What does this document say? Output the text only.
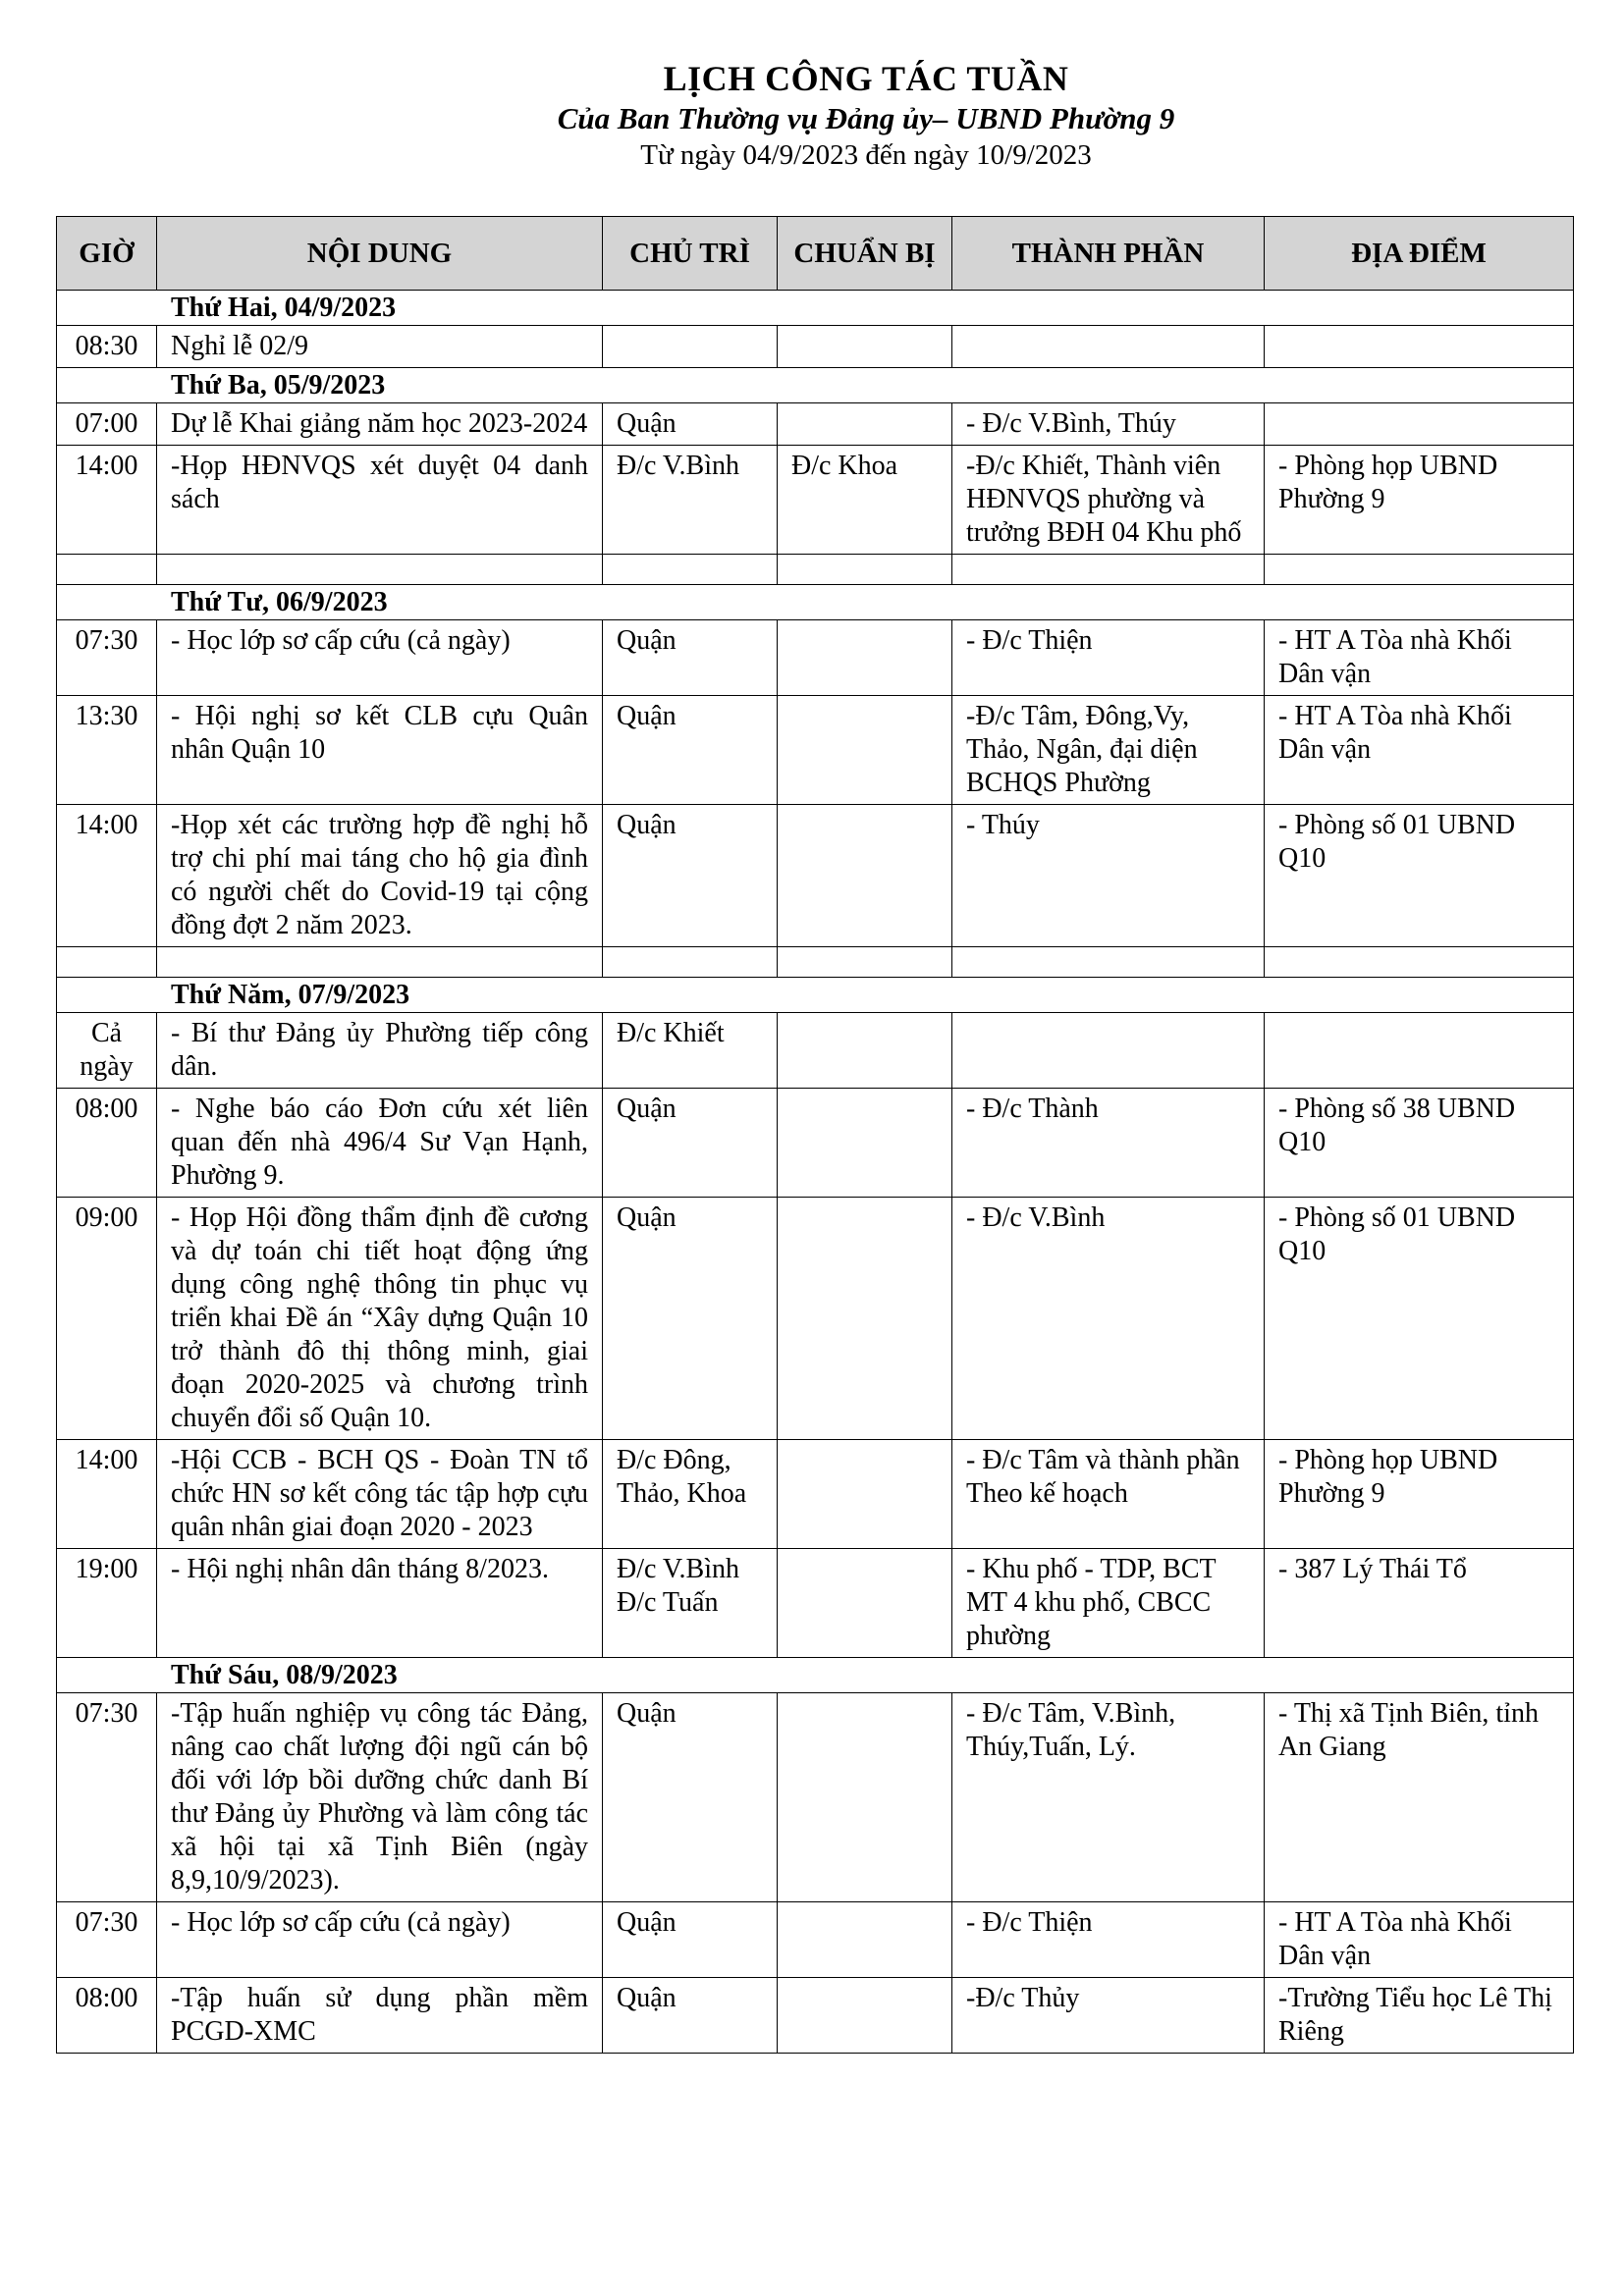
LỊCH CÔNG TÁC TUẦN
Của Ban Thường vụ Đảng ủy– UBND Phường 9
Từ ngày 04/9/2023 đến ngày 10/9/2023
GIỜ	NỘI DUNG	CHỦ TRÌ	CHUẨN BỊ	THÀNH PHẦN	ĐỊA ĐIỂM
Thứ Hai, 04/9/2023					
08:30	Nghỉ lễ 02/9				
Thứ Ba, 05/9/2023					
07:00	Dự lễ Khai giảng năm học 2023-2024	Quận		- Đ/c V.Bình, Thúy	
14:00	-Họp HĐNVQS xét duyệt 04 danh sách	Đ/c V.Bình	Đ/c Khoa	-Đ/c Khiết, Thành viên HĐNVQS phường và trưởng BĐH 04 Khu phố	- Phòng họp UBND Phường 9

Thứ Tư, 06/9/2023					
07:30	- Học lớp sơ cấp cứu (cả ngày)	Quận		- Đ/c Thiện	- HT A Tòa nhà Khối Dân vận
13:30	- Hội nghị sơ kết CLB cựu Quân nhân Quận 10	Quận		-Đ/c Tâm, Đông,Vy, Thảo, Ngân, đại diện BCHQS Phường	- HT A Tòa nhà Khối Dân vận
14:00	-Họp xét các trường hợp đề nghị hỗ trợ chi phí mai táng cho hộ gia đình có người chết do Covid-19 tại cộng đồng đợt 2 năm 2023.	Quận		- Thúy	- Phòng số 01 UBND Q10

Thứ Năm, 07/9/2023					
Cả ngày	- Bí thư Đảng ủy Phường tiếp công dân.	Đ/c Khiết			
08:00	- Nghe báo cáo Đơn cứu xét liên quan đến nhà 496/4 Sư Vạn Hạnh, Phường 9.	Quận		- Đ/c Thành	- Phòng số 38 UBND Q10
09:00	- Họp Hội đồng thẩm định đề cương và dự toán chi tiết hoạt động ứng dụng công nghệ thông tin phục vụ triển khai Đề án “Xây dựng Quận 10 trở thành đô thị thông minh, giai đoạn 2020-2025 và chương trình chuyển đổi số Quận 10.	Quận		- Đ/c V.Bình	- Phòng số 01 UBND Q10
14:00	-Hội CCB - BCH QS - Đoàn TN tổ chức HN sơ kết công tác tập hợp cựu quân nhân giai đoạn 2020 - 2023	Đ/c Đông, Thảo, Khoa		- Đ/c Tâm và thành phần Theo kế hoạch	- Phòng họp UBND Phường 9
19:00	- Hội nghị nhân dân tháng 8/2023.	Đ/c V.Bình Đ/c Tuấn		- Khu phố - TDP, BCT MT 4 khu phố, CBCC phường	- 387 Lý Thái Tổ
Thứ Sáu, 08/9/2023					
07:30	-Tập huấn nghiệp vụ công tác Đảng, nâng cao chất lượng đội ngũ cán bộ đối với lớp bồi dưỡng chức danh Bí thư Đảng ủy Phường và làm công tác xã hội tại xã Tịnh Biên (ngày 8,9,10/9/2023).	Quận		- Đ/c Tâm, V.Bình, Thúy,Tuấn, Lý.	- Thị xã Tịnh Biên, tỉnh An Giang
07:30	- Học lớp sơ cấp cứu (cả ngày)	Quận		- Đ/c Thiện	- HT A Tòa nhà Khối Dân vận
08:00	-Tập huấn sử dụng phần mềm PCGD-XMC	Quận		-Đ/c Thủy	-Trường Tiểu học Lê Thị Riêng
